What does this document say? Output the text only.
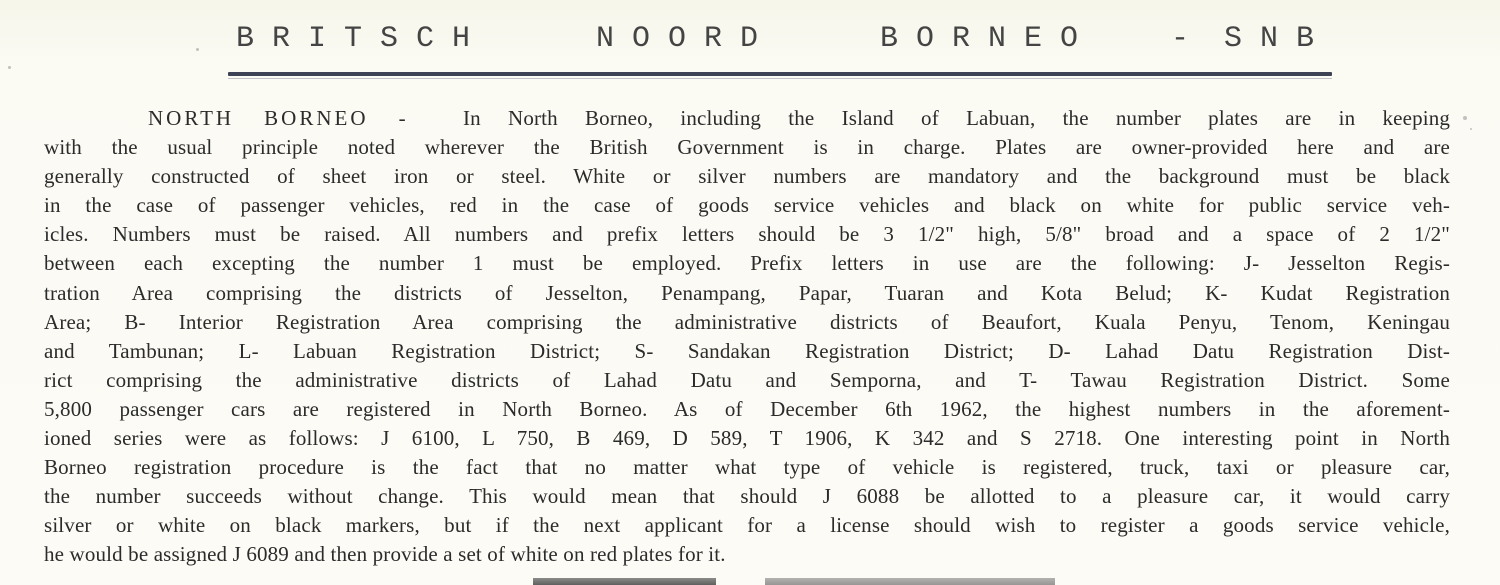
BRITSCH

	NOORD

	BORNEO

-

SNB

NORTH BORNEO -	In North Borneo, including the Island of Labuan, the number plates are in keeping
with the usual principle noted wherever the British Government is in charge. Plates are owner-provided here and are
generally constructed of sheet iron or steel. White or silver numbers are mandatory and the background must be black
in the case of passenger vehicles, red in the case of goods service vehicles and black on white for public service veh-
icles. Numbers must be raised. All numbers and prefix letters should be 3 1/2" high, 5/8" broad and a space of 2 1/2"
between each excepting the number 1 must be employed. Prefix letters in use are the following: J- Jesselton Regis-
tration Area comprising the districts of Jesselton, Penampang, Papar, Tuaran and Kota Belud; K- Kudat Registration
Area; B- Interior Registration Area comprising the administrative districts of Beaufort, Kuala Penyu, Tenom, Keningau
and Tambunan; L- Labuan Registration District; S- Sandakan Registration District; D- Lahad Datu Registration Dist-
rict comprising the administrative districts of Lahad Datu and Semporna, and T- Tawau Registration District. Some
5,800 passenger cars are registered in North Borneo. As of December 6th 1962, the highest numbers in the aforement-
ioned series were as follows: J 6100, L 750, B 469, D 589, T 1906, K 342 and S 2718. One interesting point in North
Borneo registration procedure is the fact that no matter what type of vehicle is registered, truck, taxi or pleasure car,
the number succeeds without change. This would mean that should J 6088 be allotted to a pleasure car, it would carry
silver or white on black markers, but if the next applicant for a license should wish to register a goods service vehicle,
he would be assigned J 6089 and then provide a set of white on red plates for it.
